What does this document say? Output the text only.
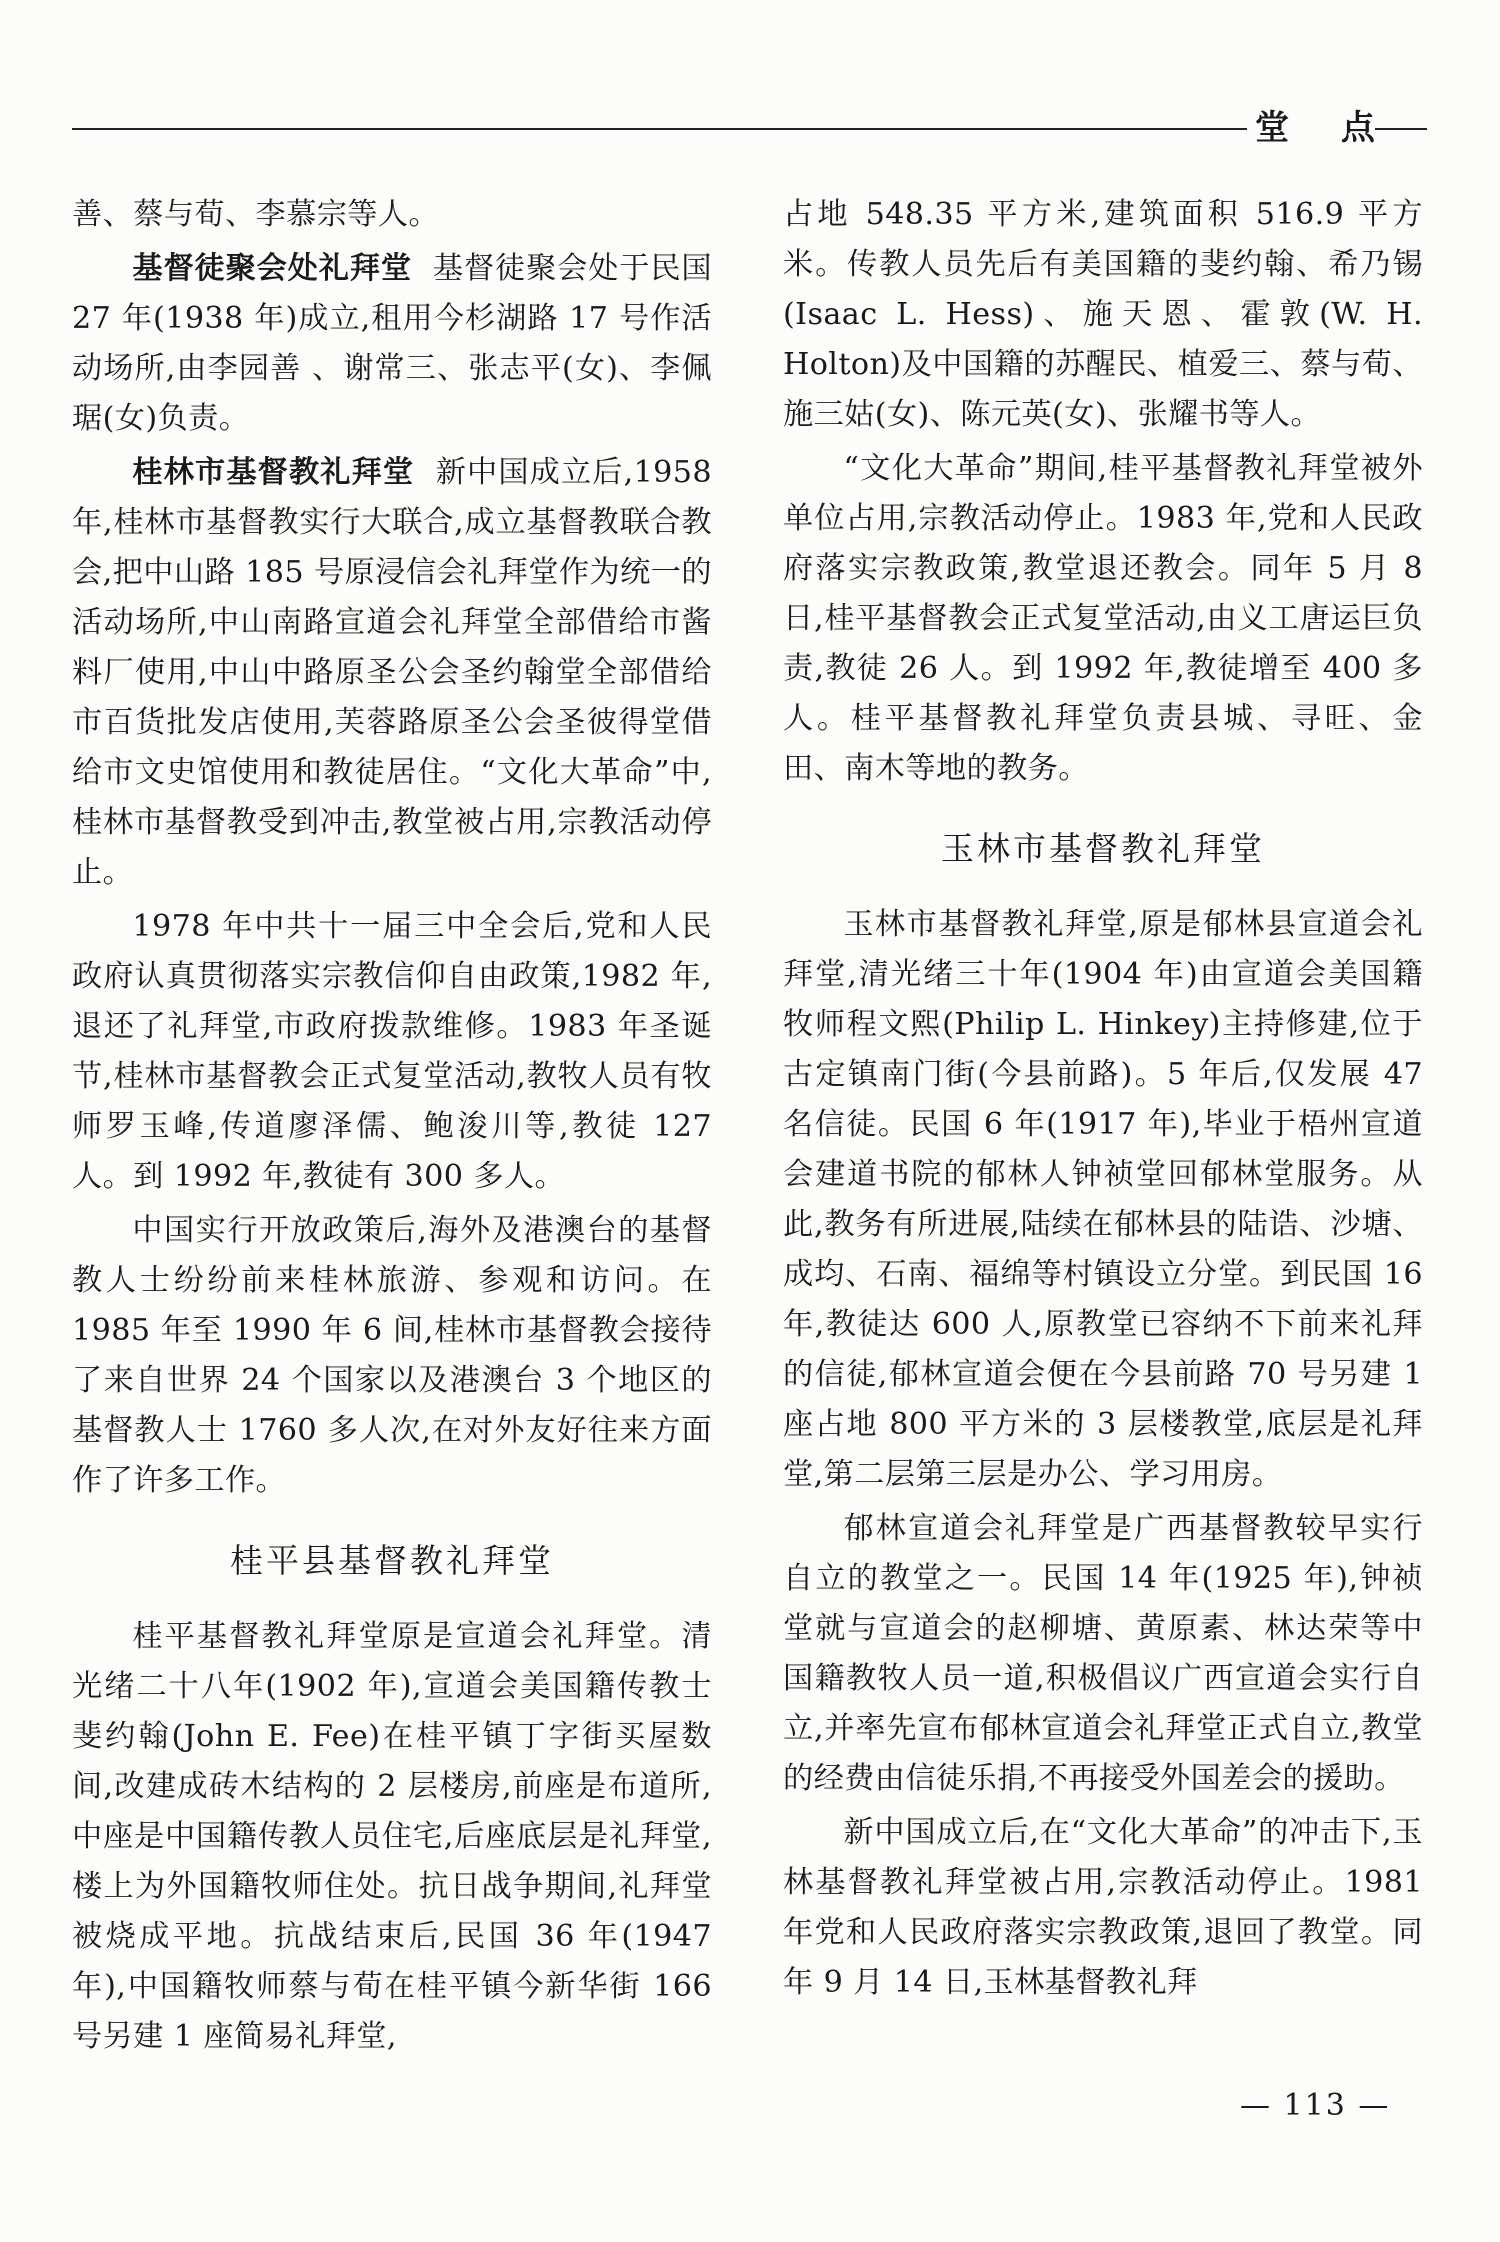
堂 点

善、蔡与荀、李慕宗等人。

基督徒聚会处礼拜堂 基督徒聚会处于民国 27 年(1938 年)成立,租用今杉湖路 17 号作活动场所,由李园善 、谢常三、张志平(女)、李佩琚(女)负责。

桂林市基督教礼拜堂 新中国成立后,1958 年,桂林市基督教实行大联合,成立基督教联合教会,把中山路 185 号原浸信会礼拜堂作为统一的活动场所,中山南路宣道会礼拜堂全部借给市酱料厂使用,中山中路原圣公会圣约翰堂全部借给市百货批发店使用,芙蓉路原圣公会圣彼得堂借给市文史馆使用和教徒居住。“文化大革命”中,桂林市基督教受到冲击,教堂被占用,宗教活动停止。

1978 年中共十一届三中全会后,党和人民政府认真贯彻落实宗教信仰自由政策,1982 年,退还了礼拜堂,市政府拨款维修。1983 年圣诞节,桂林市基督教会正式复堂活动,教牧人员有牧师罗玉峰,传道廖泽儒、鲍浚川等,教徒 127 人。到 1992 年,教徒有 300 多人。

中国实行开放政策后,海外及港澳台的基督教人士纷纷前来桂林旅游、参观和访问。在 1985 年至 1990 年 6 间,桂林市基督教会接待了来自世界 24 个国家以及港澳台 3 个地区的基督教人士 1760 多人次,在对外友好往来方面作了许多工作。

桂平县基督教礼拜堂

桂平基督教礼拜堂原是宣道会礼拜堂。清光绪二十八年(1902 年),宣道会美国籍传教士斐约翰(John E. Fee)在桂平镇丁字街买屋数间,改建成砖木结构的 2 层楼房,前座是布道所,中座是中国籍传教人员住宅,后座底层是礼拜堂,楼上为外国籍牧师住处。抗日战争期间,礼拜堂被烧成平地。抗战结束后,民国 36 年(1947 年),中国籍牧师蔡与荀在桂平镇今新华街 166 号另建 1 座简易礼拜堂,

占地 548.35 平方米,建筑面积 516.9 平方米。传教人员先后有美国籍的斐约翰、希乃锡(Isaac L. Hess)、施天恩、霍敦(W. H. Holton)及中国籍的苏醒民、植爱三、蔡与荀、施三姑(女)、陈元英(女)、张耀书等人。

“文化大革命”期间,桂平基督教礼拜堂被外单位占用,宗教活动停止。1983 年,党和人民政府落实宗教政策,教堂退还教会。同年 5 月 8 日,桂平基督教会正式复堂活动,由义工唐运巨负责,教徒 26 人。到 1992 年,教徒增至 400 多人。桂平基督教礼拜堂负责县城、寻旺、金田、南木等地的教务。

玉林市基督教礼拜堂

玉林市基督教礼拜堂,原是郁林县宣道会礼拜堂,清光绪三十年(1904 年)由宣道会美国籍牧师程文熙(Philip L. Hinkey)主持修建,位于古定镇南门街(今县前路)。5 年后,仅发展 47 名信徒。民国 6 年(1917 年),毕业于梧州宣道会建道书院的郁林人钟祯堂回郁林堂服务。从此,教务有所进展,陆续在郁林县的陆诰、沙塘、成均、石南、福绵等村镇设立分堂。到民国 16 年,教徒达 600 人,原教堂已容纳不下前来礼拜的信徒,郁林宣道会便在今县前路 70 号另建 1 座占地 800 平方米的 3 层楼教堂,底层是礼拜堂,第二层第三层是办公、学习用房。

郁林宣道会礼拜堂是广西基督教较早实行自立的教堂之一。民国 14 年(1925 年),钟祯堂就与宣道会的赵柳塘、黄原素、林达荣等中国籍教牧人员一道,积极倡议广西宣道会实行自立,并率先宣布郁林宣道会礼拜堂正式自立,教堂的经费由信徒乐捐,不再接受外国差会的援助。

新中国成立后,在“文化大革命”的冲击下,玉林基督教礼拜堂被占用,宗教活动停止。1981 年党和人民政府落实宗教政策,退回了教堂。同年 9 月 14 日,玉林基督教礼拜

— 113 —
